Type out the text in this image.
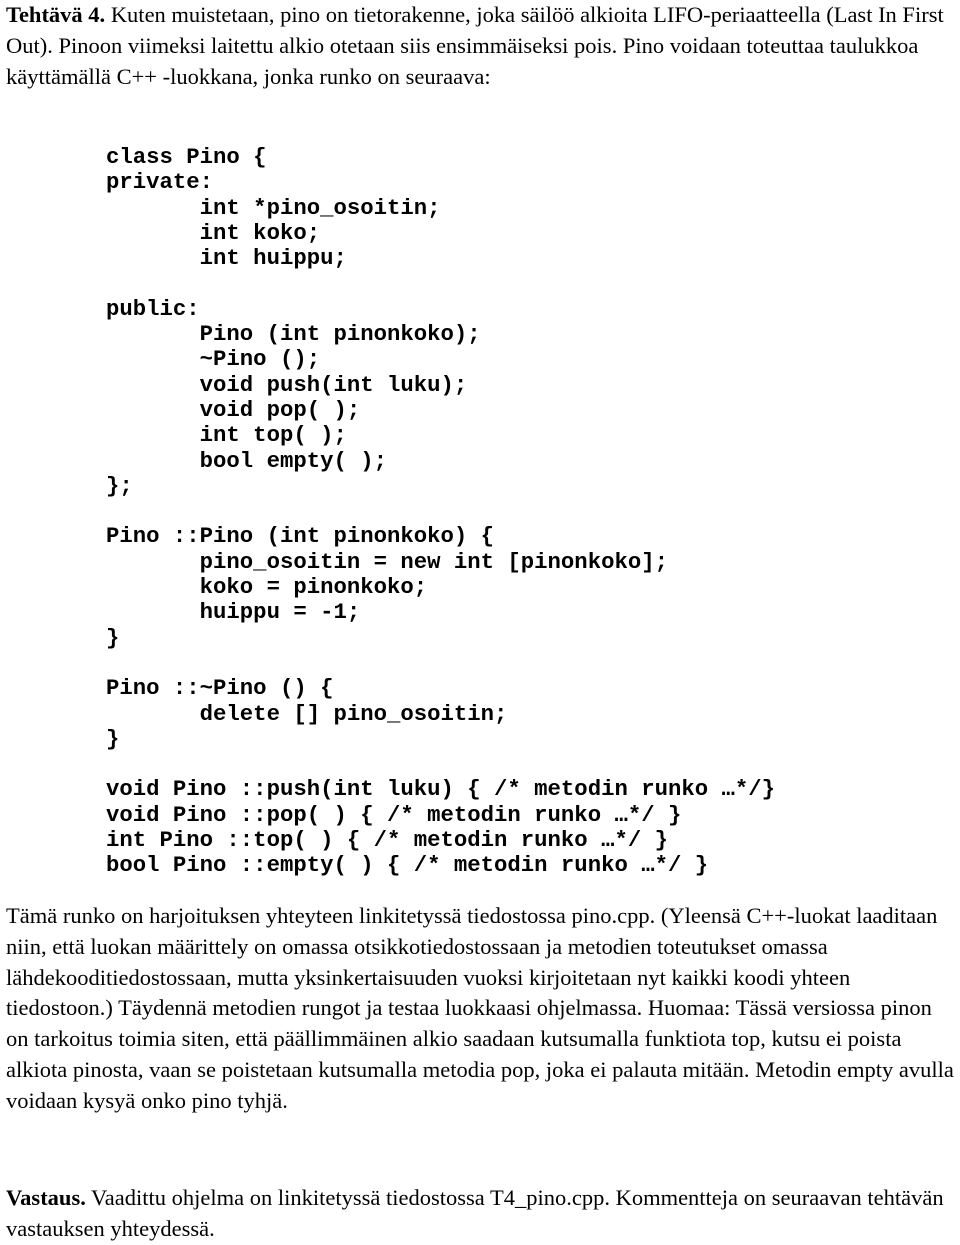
Tehtävä 4. Kuten muistetaan, pino on tietorakenne, joka säilöö alkioita LIFO-periaatteella (Last In First Out). Pinoon viimeksi laitettu alkio otetaan siis ensimmäiseksi pois. Pino voidaan toteuttaa taulukkoa käyttämällä C++ -luokkana, jonka runko on seuraava:

class Pino {
private:
int *pino_osoitin;
int koko;
int huippu;
public:
Pino (int pinonkoko);
~Pino ();
void push(int luku);
void pop( );
int top( );
bool empty( );
};
Pino ::Pino (int pinonkoko) {
pino_osoitin = new int [pinonkoko];
koko = pinonkoko;
huippu = -1;
}
Pino ::~Pino () {
delete [] pino_osoitin;
}
void Pino ::push(int luku) { /* metodin runko …*/}
void Pino ::pop( ) { /* metodin runko …*/ }
int Pino ::top( ) { /* metodin runko …*/ }
bool Pino ::empty( ) { /* metodin runko …*/ }

Tämä runko on harjoituksen yhteyteen linkitetyssä tiedostossa pino.cpp. (Yleensä C++-luokat laaditaan niin, että luokan määrittely on omassa otsikkotiedostossaan ja metodien toteutukset omassa lähdekooditiedostossaan, mutta yksinkertaisuuden vuoksi kirjoitetaan nyt kaikki koodi yhteen tiedostoon.) Täydennä metodien rungot ja testaa luokkaasi ohjelmassa. Huomaa: Tässä versiossa pinon on tarkoitus toimia siten, että päällimmäinen alkio saadaan kutsumalla funktiota top, kutsu ei poista alkiota pinosta, vaan se poistetaan kutsumalla metodia pop, joka ei palauta mitään. Metodin empty avulla voidaan kysyä onko pino tyhjä.

Vastaus. Vaadittu ohjelma on linkitetyssä tiedostossa T4_pino.cpp. Kommentteja on seuraavan tehtävän vastauksen yhteydessä.
